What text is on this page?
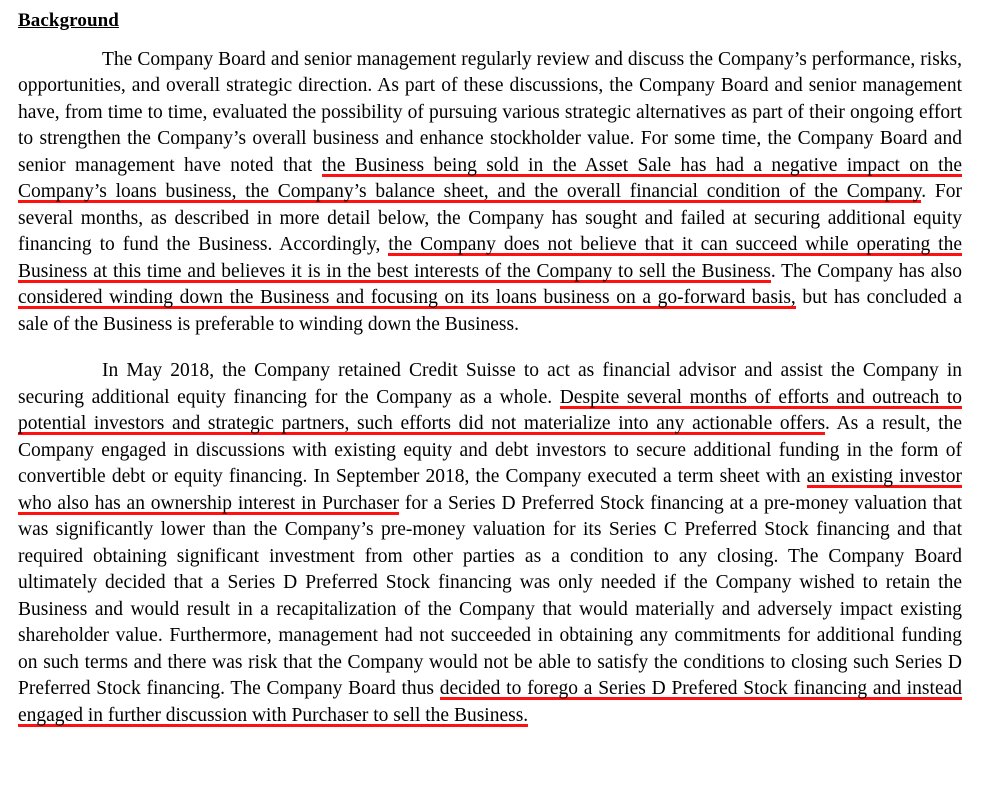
Background

The Company Board and senior management regularly review and discuss the Company’s performance, risks, opportunities, and overall strategic direction. As part of these discussions, the Company Board and senior management have, from time to time, evaluated the possibility of pursuing various strategic alternatives as part of their ongoing effort to strengthen the Company’s overall business and enhance stockholder value. For some time, the Company Board and senior management have noted that the Business being sold in the Asset Sale has had a negative impact on the Company’s loans business, the Company’s balance sheet, and the overall financial condition of the Company. For several months, as described in more detail below, the Company has sought and failed at securing additional equity financing to fund the Business. Accordingly, the Company does not believe that it can succeed while operating the Business at this time and believes it is in the best interests of the Company to sell the Business. The Company has also considered winding down the Business and focusing on its loans business on a go-forward basis, but has concluded a sale of the Business is preferable to winding down the Business.

In May 2018, the Company retained Credit Suisse to act as financial advisor and assist the Company in securing additional equity financing for the Company as a whole. Despite several months of efforts and outreach to potential investors and strategic partners, such efforts did not materialize into any actionable offers. As a result, the Company engaged in discussions with existing equity and debt investors to secure additional funding in the form of convertible debt or equity financing. In September 2018, the Company executed a term sheet with an existing investor who also has an ownership interest in Purchaser for a Series D Preferred Stock financing at a pre-money valuation that was significantly lower than the Company’s pre-money valuation for its Series C Preferred Stock financing and that required obtaining significant investment from other parties as a condition to any closing. The Company Board ultimately decided that a Series D Preferred Stock financing was only needed if the Company wished to retain the Business and would result in a recapitalization of the Company that would materially and adversely impact existing shareholder value. Furthermore, management had not succeeded in obtaining any commitments for additional funding on such terms and there was risk that the Company would not be able to satisfy the conditions to closing such Series D Preferred Stock financing. The Company Board thus decided to forego a Series D Prefered Stock financing and instead engaged in further discussion with Purchaser to sell the Business.
